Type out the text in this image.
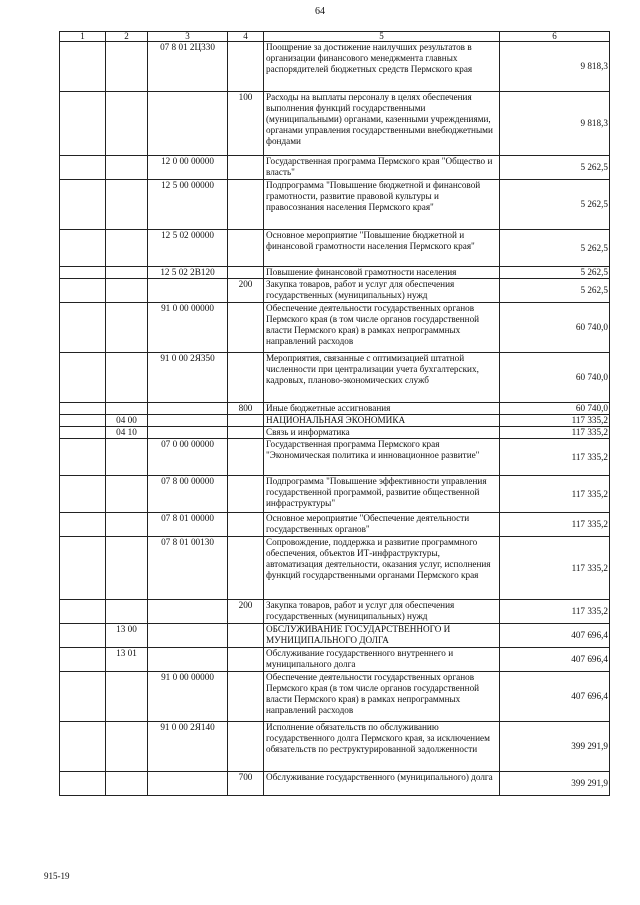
64
1	2	3	4	5	6
		07 8 01 2Ц330		Поощрение за достижение наилучших результатов в организации финансового менеджмента главных распорядителей бюджетных средств Пермского края	9 818,3
			100	Расходы на выплаты персоналу в целях обеспечения выполнения функций государственными (муниципальными) органами, казенными учреждениями, органами управления государственными внебюджетными фондами	9 818,3
		12 0 00 00000		Государственная программа Пермского края "Общество и власть"	5 262,5
		12 5 00 00000		Подпрограмма "Повышение бюджетной и финансовой грамотности, развитие правовой культуры и правосознания населения Пермского края"	5 262,5
		12 5 02 00000		Основное мероприятие "Повышение бюджетной и финансовой грамотности населения Пермского края"	5 262,5
		12 5 02 2В120		Повышение финансовой грамотности населения	5 262,5
			200	Закупка товаров, работ и услуг для обеспечения государственных (муниципальных) нужд	5 262,5
		91 0 00 00000		Обеспечение деятельности государственных органов Пермского края (в том числе органов государственной власти Пермского края) в рамках непрограммных направлений расходов	60 740,0
		91 0 00 2Я350		Мероприятия, связанные с оптимизацией штатной численности при централизации учета бухгалтерских, кадровых, планово-экономических служб	60 740,0
			800	Иные бюджетные ассигнования	60 740,0
	04 00			НАЦИОНАЛЬНАЯ ЭКОНОМИКА	117 335,2
	04 10			Связь и информатика	117 335,2
		07 0 00 00000		Государственная программа Пермского края "Экономическая политика и инновационное развитие"	117 335,2
		07 8 00 00000		Подпрограмма "Повышение эффективности управления государственной программой, развитие общественной инфраструктуры"	117 335,2
		07 8 01 00000		Основное мероприятие "Обеспечение деятельности государственных органов"	117 335,2
		07 8 01 00130		Сопровождение, поддержка и развитие программного обеспечения, объектов ИТ-инфраструктуры, автоматизация деятельности, оказания услуг, исполнения функций государственными органами Пермского края	117 335,2
			200	Закупка товаров, работ и услуг для обеспечения государственных (муниципальных) нужд	117 335,2
	13 00			ОБСЛУЖИВАНИЕ ГОСУДАРСТВЕННОГО И МУНИЦИПАЛЬНОГО ДОЛГА	407 696,4
	13 01			Обслуживание государственного внутреннего и муниципального долга	407 696,4
		91 0 00 00000		Обеспечение деятельности государственных органов Пермского края (в том числе органов государственной власти Пермского края) в рамках непрограммных направлений расходов	407 696,4
		91 0 00 2Я140		Исполнение обязательств по обслуживанию государственного долга Пермского края, за исключением обязательств по реструктурированной задолженности	399 291,9
			700	Обслуживание государственного (муниципального) долга	399 291,9
915-19
